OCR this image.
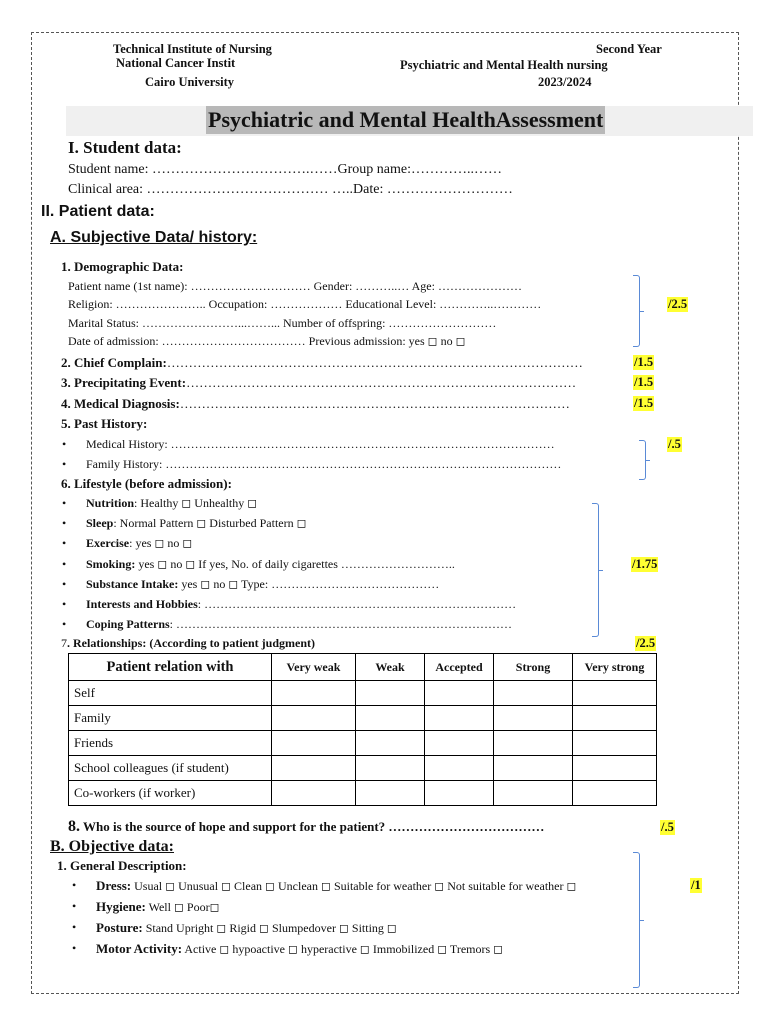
Technical Institute of Nursing
National Cancer Instit
Cairo University
Second Year
Psychiatric and Mental Health nursing
2023/2024
Psychiatric and Mental HealthAssessment
I. Student data:
Student name: …………………………….……Group name:…………..……
Clinical area: ………………………………… …..Date: ………………………
II. Patient data:
A. Subjective Data/ history:
1. Demographic Data:
Patient name (1st name): ………………………… Gender: ………..… Age: …………………
Religion: ………………….. Occupation: ……………… Educational Level: …………..…………
Marital Status: ……………………...……... Number of offspring: ………………………
Date of admission: ……………………………… Previous admission: yes ◻ no ◻
/2.5
2. Chief Complain:……………………………………………………………………………………	/1.5
3. Precipitating Event:………………………………………………………………………………	/1.5
4. Medical Diagnosis:………………………………………………………………………………	/1.5
5. Past History:
• Medical History: ……………………………………………………………………………………
• Family History: ………………………………………………………………………………………
/.5
6. Lifestyle (before admission):
• Nutrition: Healthy ◻ Unhealthy ◻
• Sleep: Normal Pattern ◻ Disturbed Pattern ◻
• Exercise: yes ◻ no ◻
• Smoking: yes ◻ no ◻ If yes, No. of daily cigarettes ………………………..
• Substance Intake: yes ◻ no ◻ Type: ……………………………………
• Interests and Hobbies: ……………………………………………………………………
• Coping Patterns: …………………………………………………………………………
/1.75
7. Relationships: (According to patient judgment)	/2.5
Patient relation with	Very weak	Weak	Accepted	Strong	Very strong
Self					
Family					
Friends					
School colleagues (if student)					
Co-workers (if worker)					
8. Who is the source of hope and support for the patient? ………………………………	/.5
B. Objective data:
1. General Description:
• Dress: Usual ◻ Unusual ◻ Clean ◻ Unclean ◻ Suitable for weather ◻ Not suitable for weather ◻
• Hygiene: Well ◻ Poor◻
• Posture: Stand Upright ◻ Rigid ◻ Slumpedover ◻ Sitting ◻
• Motor Activity: Active ◻ hypoactive ◻ hyperactive ◻ Immobilized ◻ Tremors ◻
/1
